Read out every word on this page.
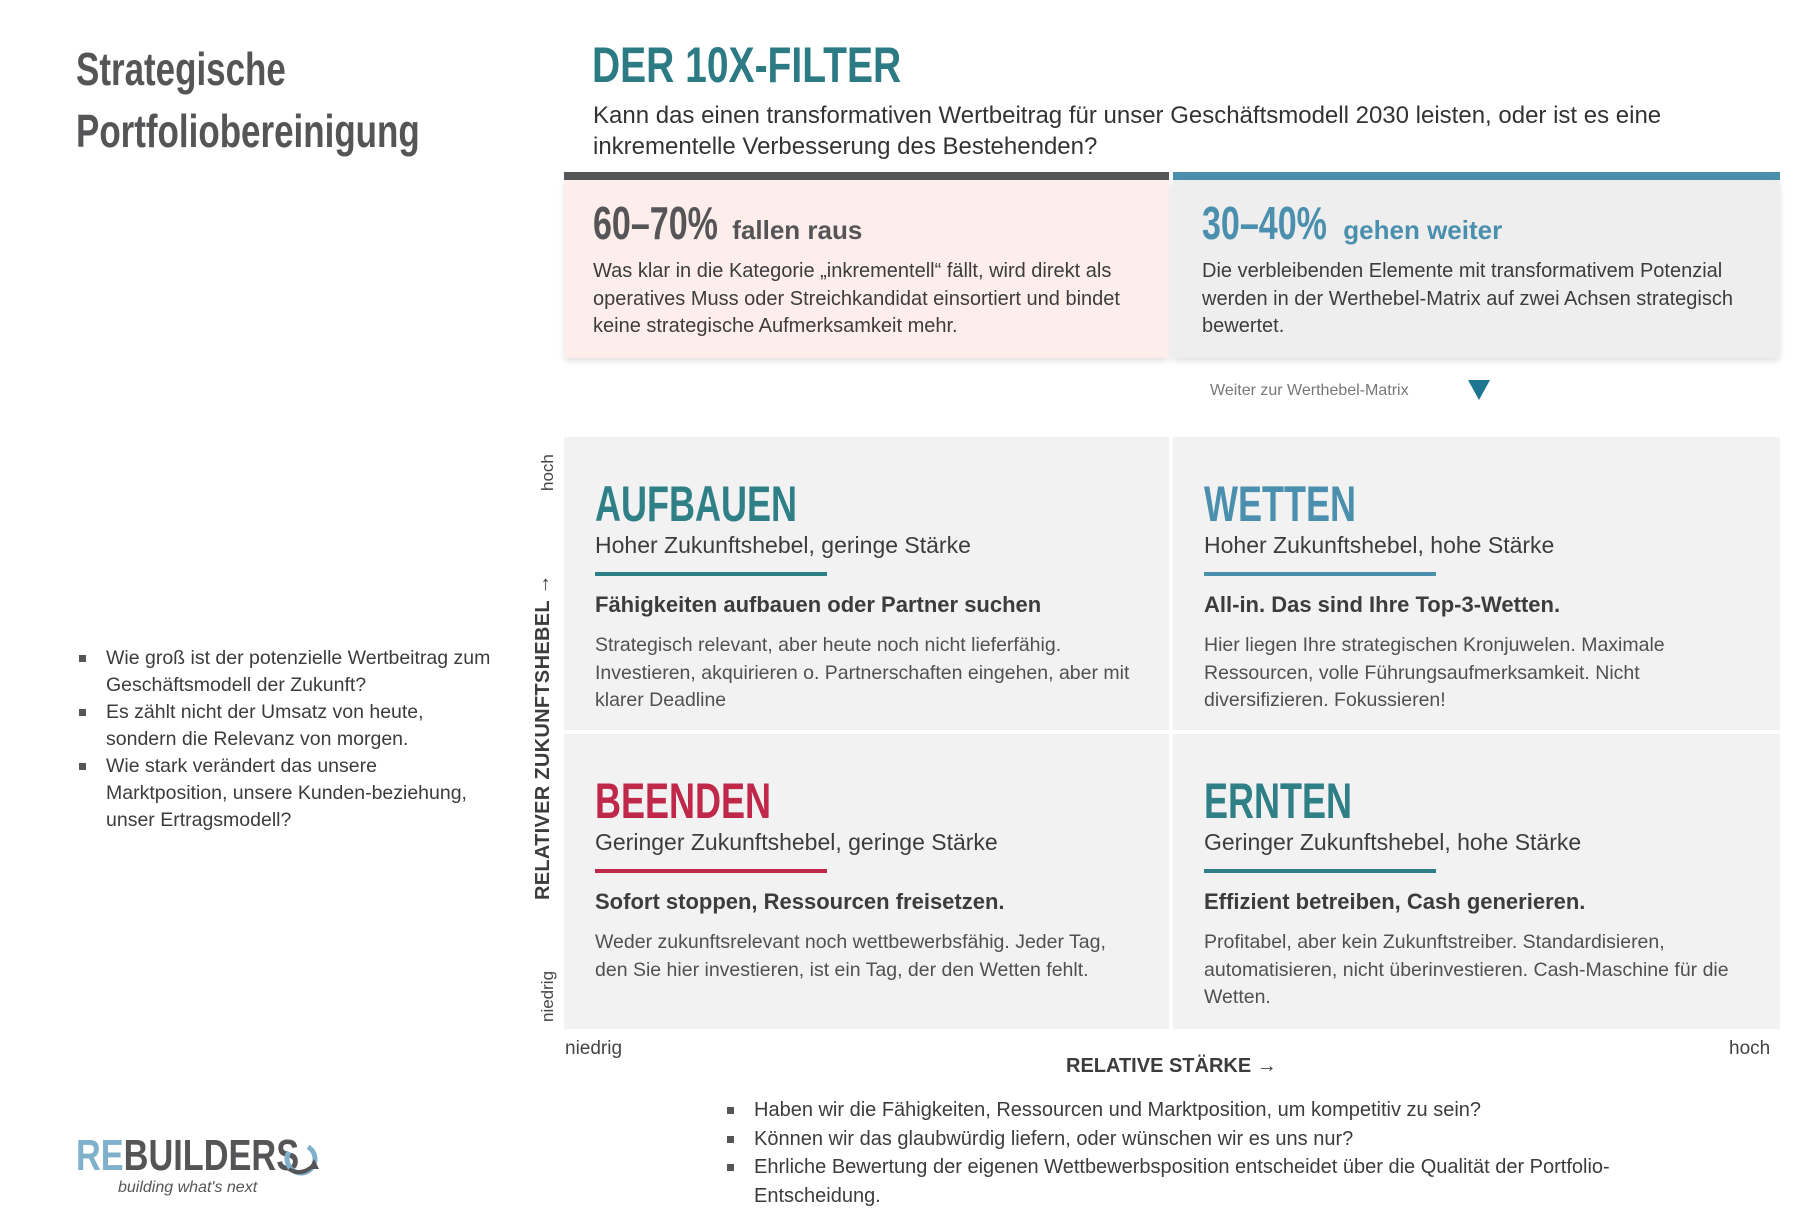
Strategische
Portfoliobereinigung
DER 10X-FILTER
Kann das einen transformativen Wertbeitrag für unser Geschäftsmodell 2030 leisten, oder ist es eine inkrementelle Verbesserung des Bestehenden?
60–70% fallen raus
Was klar in die Kategorie „inkrementell“ fällt, wird direkt als operatives Muss oder Streichkandidat einsortiert und bindet keine strategische Aufmerksamkeit mehr.
30–40% gehen weiter
Die verbleibenden Elemente mit transformativem Potenzial werden in der Werthebel-Matrix auf zwei Achsen strategisch bewertet.
Weiter zur Werthebel-Matrix
AUFBAUEN
Hoher Zukunftshebel, geringe Stärke
Fähigkeiten aufbauen oder Partner suchen
Strategisch relevant, aber heute noch nicht lieferfähig. Investieren, akquirieren o. Partnerschaften eingehen, aber mit klarer Deadline
WETTEN
Hoher Zukunftshebel, hohe Stärke
All-in. Das sind Ihre Top-3-Wetten.
Hier liegen Ihre strategischen Kronjuwelen. Maximale Ressourcen, volle Führungsaufmerksamkeit. Nicht diversifizieren. Fokussieren!
BEENDEN
Geringer Zukunftshebel, geringe Stärke
Sofort stoppen, Ressourcen freisetzen.
Weder zukunftsrelevant noch wettbewerbsfähig. Jeder Tag, den Sie hier investieren, ist ein Tag, der den Wetten fehlt.
ERNTEN
Geringer Zukunftshebel, hohe Stärke
Effizient betreiben, Cash generieren.
Profitabel, aber kein Zukunftstreiber. Standardisieren, automatisieren, nicht überinvestieren. Cash-Maschine für die Wetten.
RELATIVER ZUKUNFTSHEBEL →
hoch
niedrig
niedrig	hoch
RELATIVE STÄRKE →
Wie groß ist der potenzielle Wertbeitrag zum Geschäftsmodell der Zukunft?
Es zählt nicht der Umsatz von heute, sondern die Relevanz von morgen.
Wie stark verändert das unsere Marktposition, unsere Kunden-beziehung, unser Ertragsmodell?
Haben wir die Fähigkeiten, Ressourcen und Marktposition, um kompetitiv zu sein?
Können wir das glaubwürdig liefern, oder wünschen wir es uns nur?
Ehrliche Bewertung der eigenen Wettbewerbsposition entscheidet über die Qualität der Portfolio-Entscheidung.
REBUILDERS
building what's next
